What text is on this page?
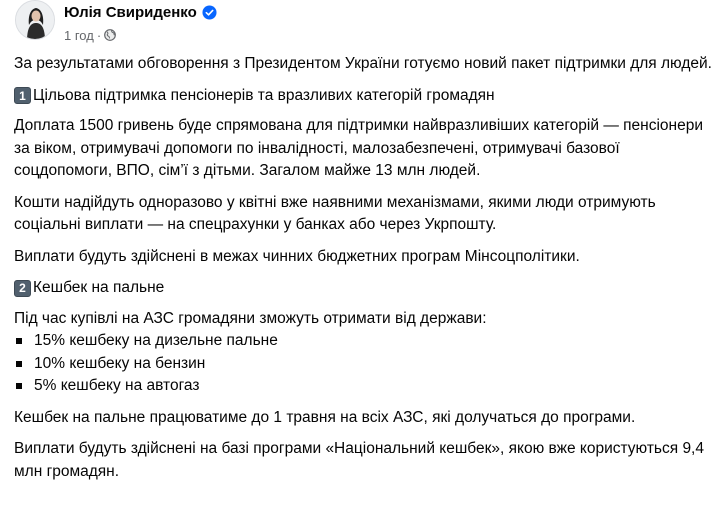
Юлія Свириденко
1 год ·

За результатами обговорення з Президентом України готуємо новий пакет підтримки для людей.

1 Цільова підтримка пенсіонерів та вразливих категорій громадян

Доплата 1500 гривень буде спрямована для підтримки найвразливіших категорій — пенсіонери за віком, отримувачі допомоги по інвалідності, малозабезпечені, отримувачі базової соцдопомоги, ВПО, сім’ї з дітьми. Загалом майже 13 млн людей.

Кошти надійдуть одноразово у квітні вже наявними механізмами, якими люди отримують соціальні виплати — на спецрахунки у банках або через Укрпошту.

Виплати будуть здійснені в межах чинних бюджетних програм Мінсоцполітики.

2 Кешбек на пальне

Під час купівлі на АЗС громадяни зможуть отримати від держави:

15% кешбеку на дизельне пальне
10% кешбеку на бензин
5% кешбеку на автогаз

Кешбек на пальне працюватиме до 1 травня на всіх АЗС, які долучаться до програми.

Виплати будуть здійснені на базі програми «Національний кешбек», якою вже користуються 9,4 млн громадян.
